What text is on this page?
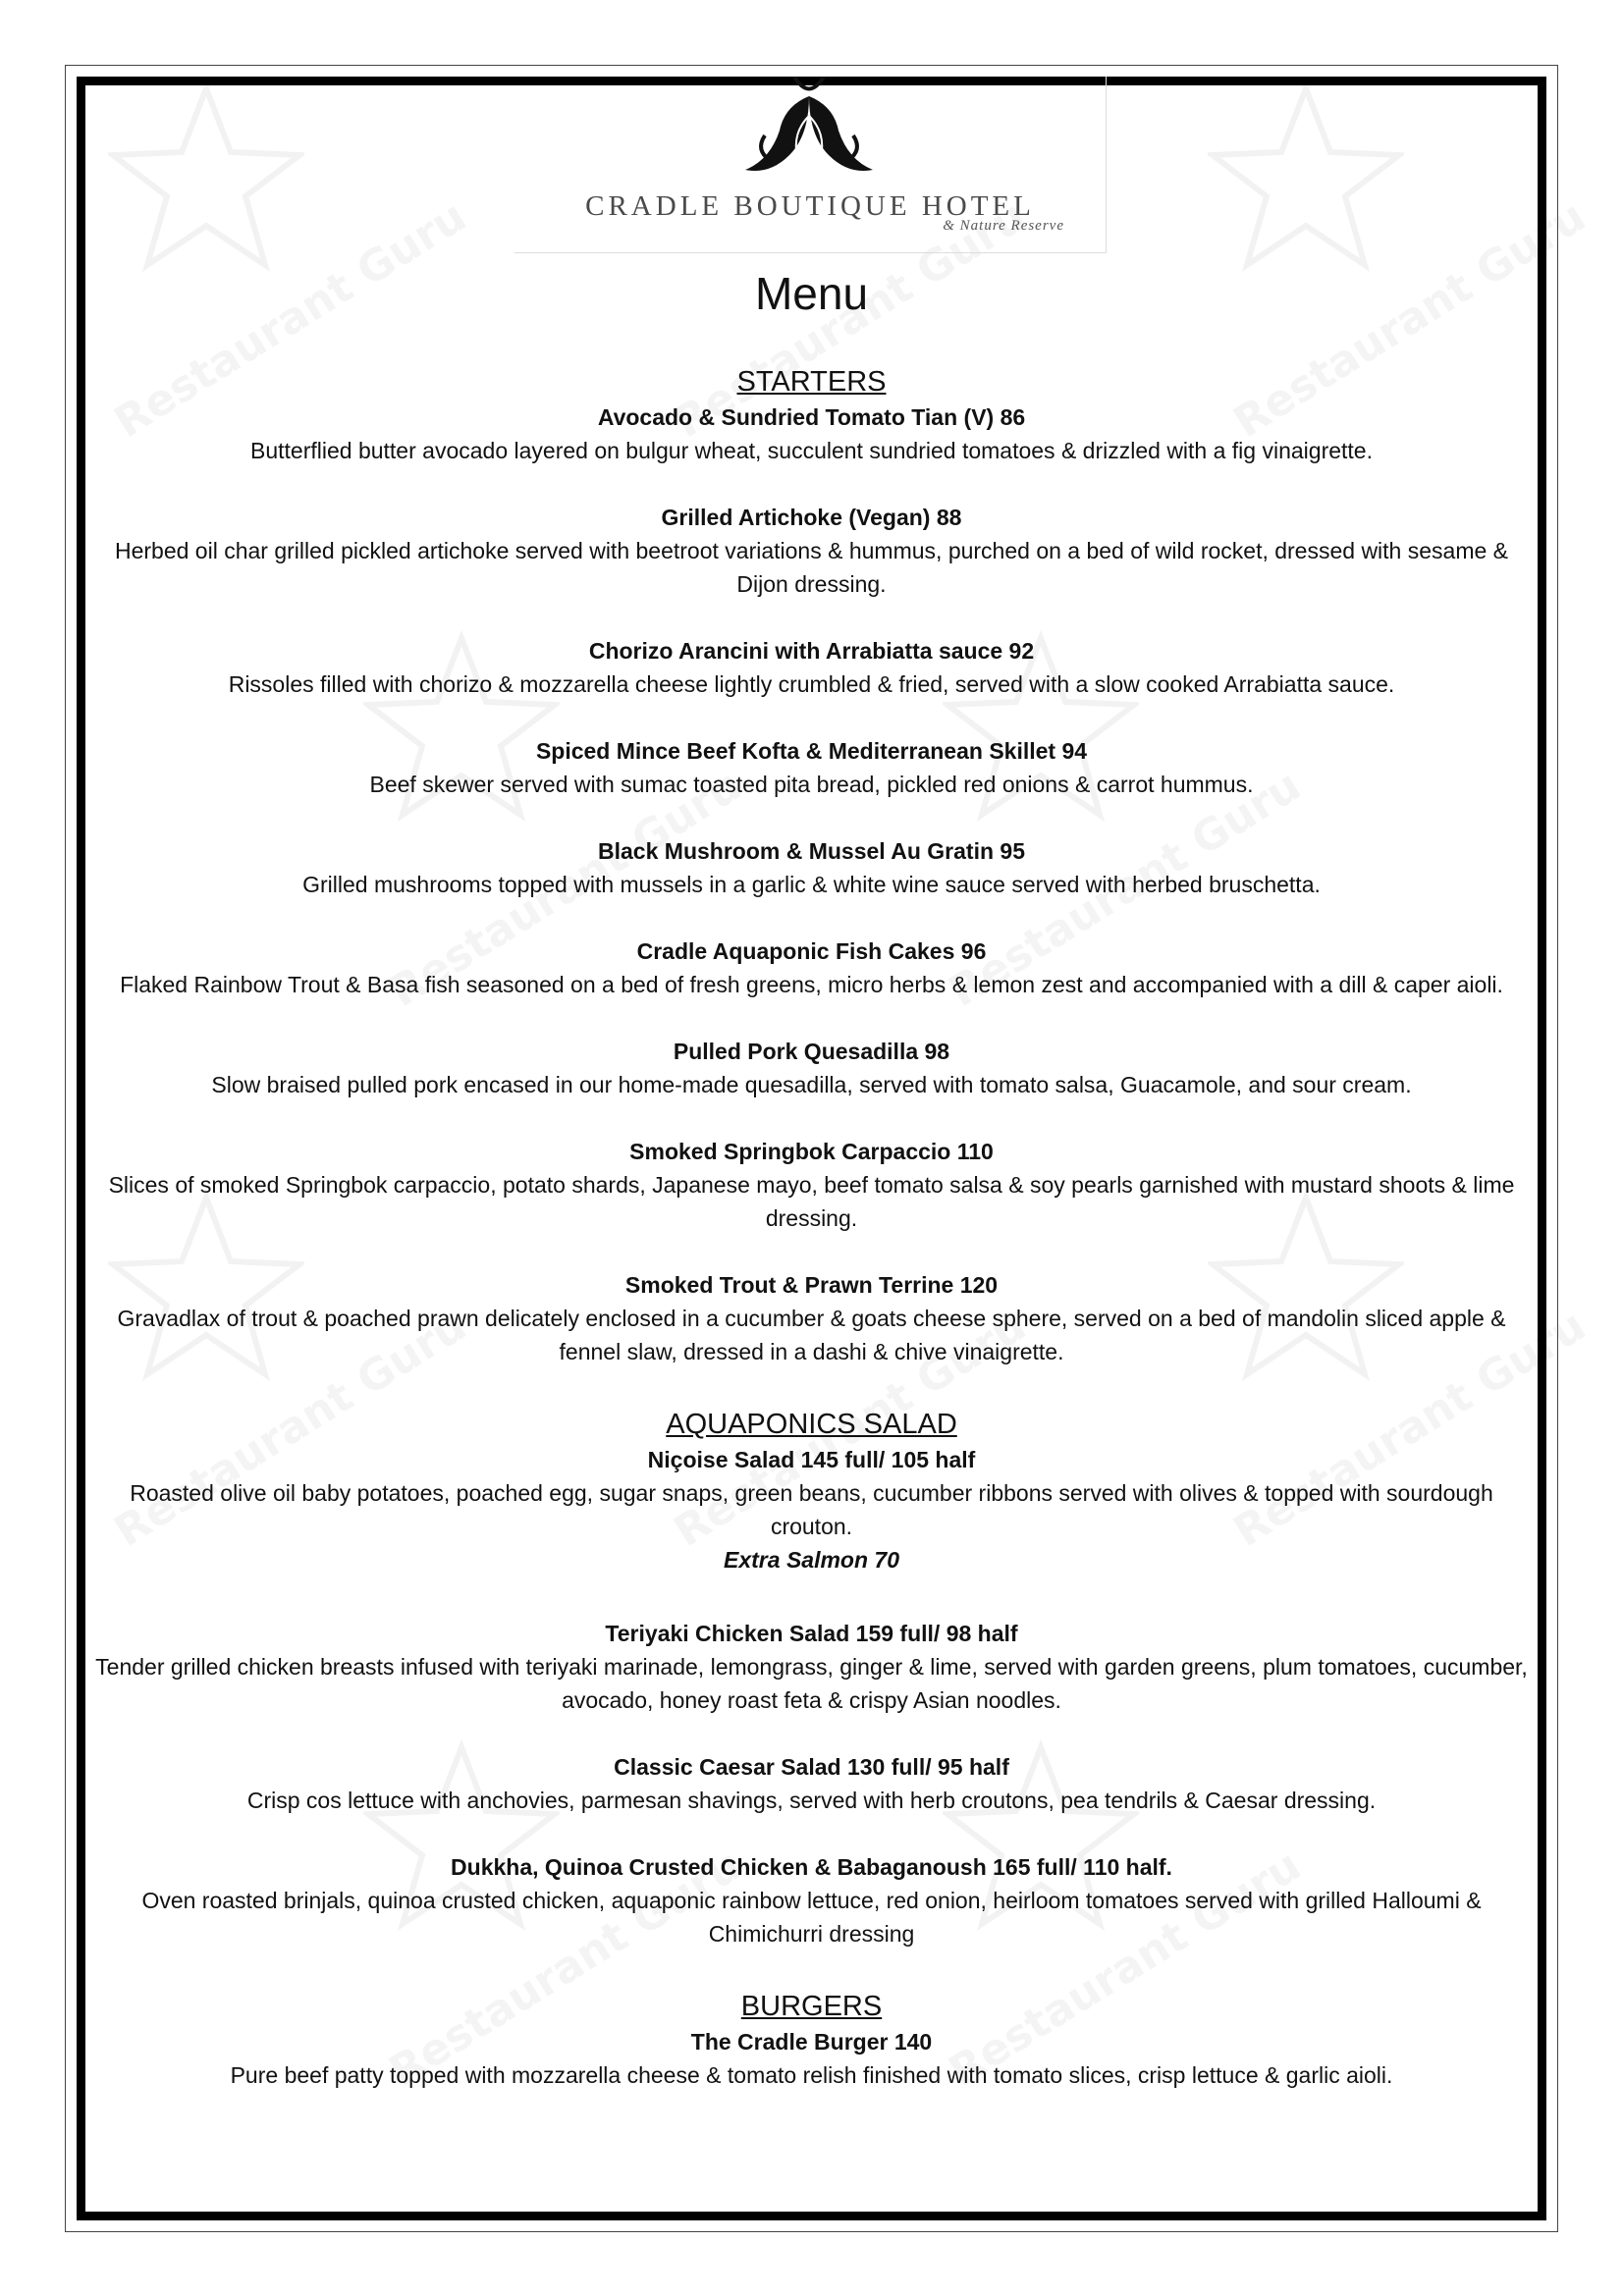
CRADLE BOUTIQUE HOTEL
& Nature Reserve
Menu
STARTERS
Avocado & Sundried Tomato Tian (V) 86
Butterflied butter avocado layered on bulgur wheat, succulent sundried tomatoes & drizzled with a fig vinaigrette.
Grilled Artichoke (Vegan) 88
Herbed oil char grilled pickled artichoke served with beetroot variations & hummus, purched on a bed of wild rocket, dressed with sesame & Dijon dressing.
Chorizo Arancini with Arrabiatta sauce 92
Rissoles filled with chorizo & mozzarella cheese lightly crumbled & fried, served with a slow cooked Arrabiatta sauce.
Spiced Mince Beef Kofta & Mediterranean Skillet 94
Beef skewer served with sumac toasted pita bread, pickled red onions & carrot hummus.
Black Mushroom & Mussel Au Gratin 95
Grilled mushrooms topped with mussels in a garlic & white wine sauce served with herbed bruschetta.
Cradle Aquaponic Fish Cakes 96
Flaked Rainbow Trout & Basa fish seasoned on a bed of fresh greens, micro herbs & lemon zest and accompanied with a dill & caper aioli.
Pulled Pork Quesadilla 98
Slow braised pulled pork encased in our home-made quesadilla, served with tomato salsa, Guacamole, and sour cream.
Smoked Springbok Carpaccio 110
Slices of smoked Springbok carpaccio, potato shards, Japanese mayo, beef tomato salsa & soy pearls garnished with mustard shoots & lime dressing.
Smoked Trout & Prawn Terrine 120
Gravadlax of trout & poached prawn delicately enclosed in a cucumber & goats cheese sphere, served on a bed of mandolin sliced apple & fennel slaw, dressed in a dashi & chive vinaigrette.
AQUAPONICS SALAD
Niçoise Salad 145 full/ 105 half
Roasted olive oil baby potatoes, poached egg, sugar snaps, green beans, cucumber ribbons served with olives & topped with sourdough crouton.
Extra Salmon 70
Teriyaki Chicken Salad 159 full/ 98 half
Tender grilled chicken breasts infused with teriyaki marinade, lemongrass, ginger & lime, served with garden greens, plum tomatoes, cucumber, avocado, honey roast feta & crispy Asian noodles.
Classic Caesar Salad 130 full/ 95 half
Crisp cos lettuce with anchovies, parmesan shavings, served with herb croutons, pea tendrils & Caesar dressing.
Dukkha, Quinoa Crusted Chicken & Babaganoush 165 full/ 110 half.
Oven roasted brinjals, quinoa crusted chicken, aquaponic rainbow lettuce, red onion, heirloom tomatoes served with grilled Halloumi & Chimichurri dressing
BURGERS
The Cradle Burger 140
Pure beef patty topped with mozzarella cheese & tomato relish finished with tomato slices, crisp lettuce & garlic aioli.
